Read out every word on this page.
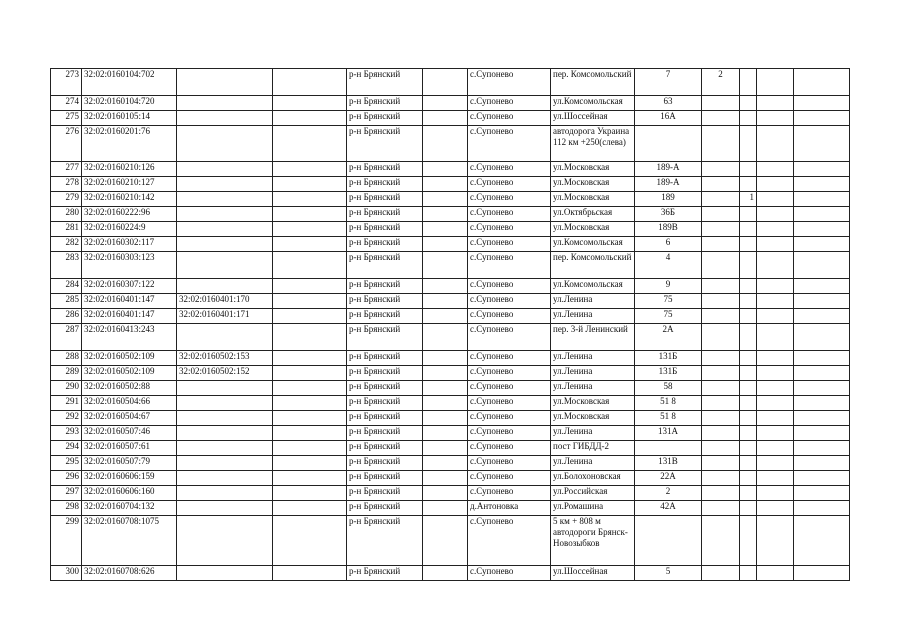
273	32:02:0160104:702			р-н Брянский		с.Супонево	пер. Комсомольский	7	2			
274	32:02:0160104:720			р-н Брянский		с.Супонево	ул.Комсомольская	63				
275	32:02:0160105:14			р-н Брянский		с.Супонево	ул.Шоссейная	16А				
276	32:02:0160201:76			р-н Брянский		с.Супонево	автодорога Украина 112 км +250(слева)					
277	32:02:0160210:126			р-н Брянский		с.Супонево	ул.Московская	189-А				
278	32:02:0160210:127			р-н Брянский		с.Супонево	ул.Московская	189-А				
279	32:02:0160210:142			р-н Брянский		с.Супонево	ул.Московская	189		1		
280	32:02:0160222:96			р-н Брянский		с.Супонево	ул.Октябрьская	36Б				
281	32:02:0160224:9			р-н Брянский		с.Супонево	ул.Московская	189В				
282	32:02:0160302:117			р-н Брянский		с.Супонево	ул.Комсомольская	6				
283	32:02:0160303:123			р-н Брянский		с.Супонево	пер. Комсомольский	4				
284	32:02:0160307:122			р-н Брянский		с.Супонево	ул.Комсомольская	9				
285	32:02:0160401:147	32:02:0160401:170		р-н Брянский		с.Супонево	ул.Ленина	75				
286	32:02:0160401:147	32:02:0160401:171		р-н Брянский		с.Супонево	ул.Ленина	75				
287	32:02:0160413:243			р-н Брянский		с.Супонево	пер. 3-й Ленинский	2А				
288	32:02:0160502:109	32:02:0160502:153		р-н Брянский		с.Супонево	ул.Ленина	131Б				
289	32:02:0160502:109	32:02:0160502:152		р-н Брянский		с.Супонево	ул.Ленина	131Б				
290	32:02:0160502:88			р-н Брянский		с.Супонево	ул.Ленина	58				
291	32:02:0160504:66			р-н Брянский		с.Супонево	ул.Московская	51 8				
292	32:02:0160504:67			р-н Брянский		с.Супонево	ул.Московская	51 8				
293	32:02:0160507:46			р-н Брянский		с.Супонево	ул.Ленина	131А				
294	32:02:0160507:61			р-н Брянский		с.Супонево	пост ГИБДД-2					
295	32:02:0160507:79			р-н Брянский		с.Супонево	ул.Ленина	131В				
296	32:02:0160606:159			р-н Брянский		с.Супонево	ул.Болохоновская	22А				
297	32:02:0160606:160			р-н Брянский		с.Супонево	ул.Российская	2				
298	32:02:0160704:132			р-н Брянский		д.Антоновка	ул.Ромашина	42А				
299	32:02:0160708:1075			р-н Брянский		с.Супонево	5 км + 808 м автодороги Брянск-Новозыбков					
300	32:02:0160708:626			р-н Брянский		с.Супонево	ул.Шоссейная	5				
